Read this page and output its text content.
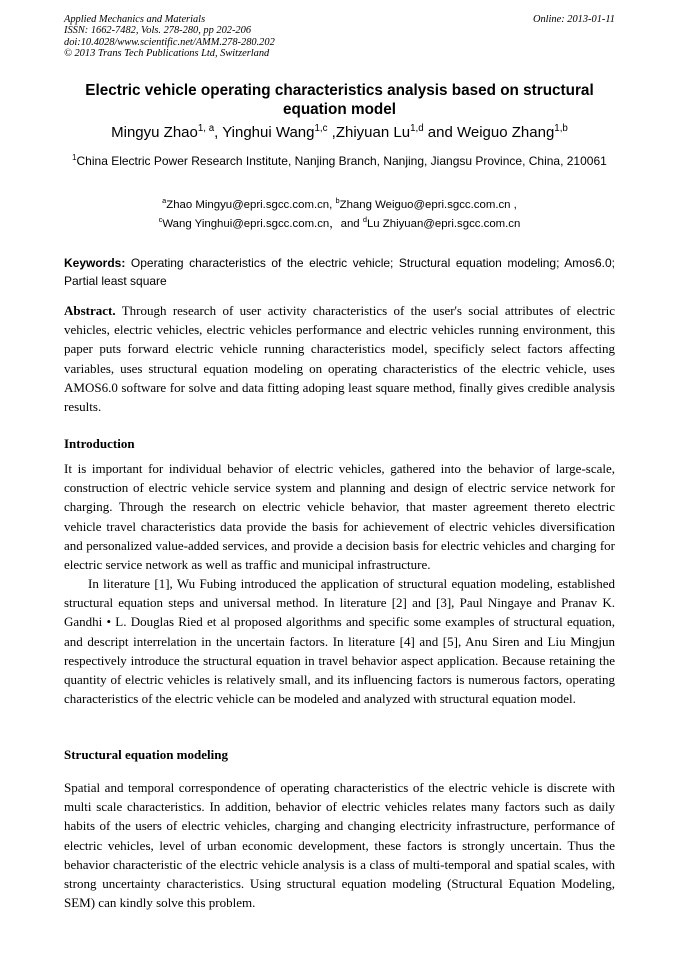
Applied Mechanics and Materials
ISSN: 1662-7482, Vols. 278-280, pp 202-206
doi:10.4028/www.scientific.net/AMM.278-280.202
© 2013 Trans Tech Publications Ltd, Switzerland
Online: 2013-01-11
Electric vehicle operating characteristics analysis based on structural equation model
Mingyu Zhao$^{1, a}$, Yinghui Wang$^{1,c}$ ,Zhiyuan Lu$^{1,d}$ and Weiguo Zhang$^{1,b}$
$^1$China Electric Power Research Institute, Nanjing Branch, Nanjing, Jiangsu Province, China, 210061
$^a$Zhao Mingyu@epri.sgcc.com.cn, $^b$Zhang Weiguo@epri.sgcc.com.cn ,
$^c$Wang Yinghui@epri.sgcc.com.cn，and $^d$Lu Zhiyuan@epri.sgcc.com.cn
Keywords: Operating characteristics of the electric vehicle; Structural equation modeling; Amos6.0; Partial least square
Abstract. Through research of user activity characteristics of the user's social attributes of electric vehicles, electric vehicles, electric vehicles performance and electric vehicles running environment, this paper puts forward electric vehicle running characteristics model, specificly select factors affecting variables, uses structural equation modeling on operating characteristics of the electric vehicle, uses AMOS6.0 software for solve and data fitting adoping least square method, finally gives credible analysis results.
Introduction
It is important for individual behavior of electric vehicles, gathered into the behavior of large-scale, construction of electric vehicle service system and planning and design of electric service network for charging. Through the research on electric vehicle behavior, that master agreement thereto electric vehicle travel characteristics data provide the basis for achievement of electric vehicles diversification and personalized value-added services, and provide a decision basis for electric vehicles and charging for electric service network as well as traffic and municipal infrastructure.
In literature [1], Wu Fubing introduced the application of structural equation modeling, established structural equation steps and universal method. In literature [2] and [3], Paul Ningaye and Pranav K. Gandhi • L. Douglas Ried et al proposed algorithms and specific some examples of structural equation, and descript interrelation in the uncertain factors. In literature [4] and [5], Anu Siren and Liu Mingjun respectively introduce the structural equation in travel behavior aspect application. Because retaining the quantity of electric vehicles is relatively small, and its influencing factors is numerous factors, operating characteristics of the electric vehicle can be modeled and analyzed with structural equation model.
Structural equation modeling
Spatial and temporal correspondence of operating characteristics of the electric vehicle is discrete with multi scale characteristics. In addition, behavior of electric vehicles relates many factors such as daily habits of the users of electric vehicles, charging and changing electricity infrastructure, performance of electric vehicles, level of urban economic development, these factors is strongly uncertain. Thus the behavior characteristic of the electric vehicle analysis is a class of multi-temporal and spatial scales, with strong uncertainty characteristics. Using structural equation modeling (Structural Equation Modeling, SEM) can kindly solve this problem.
